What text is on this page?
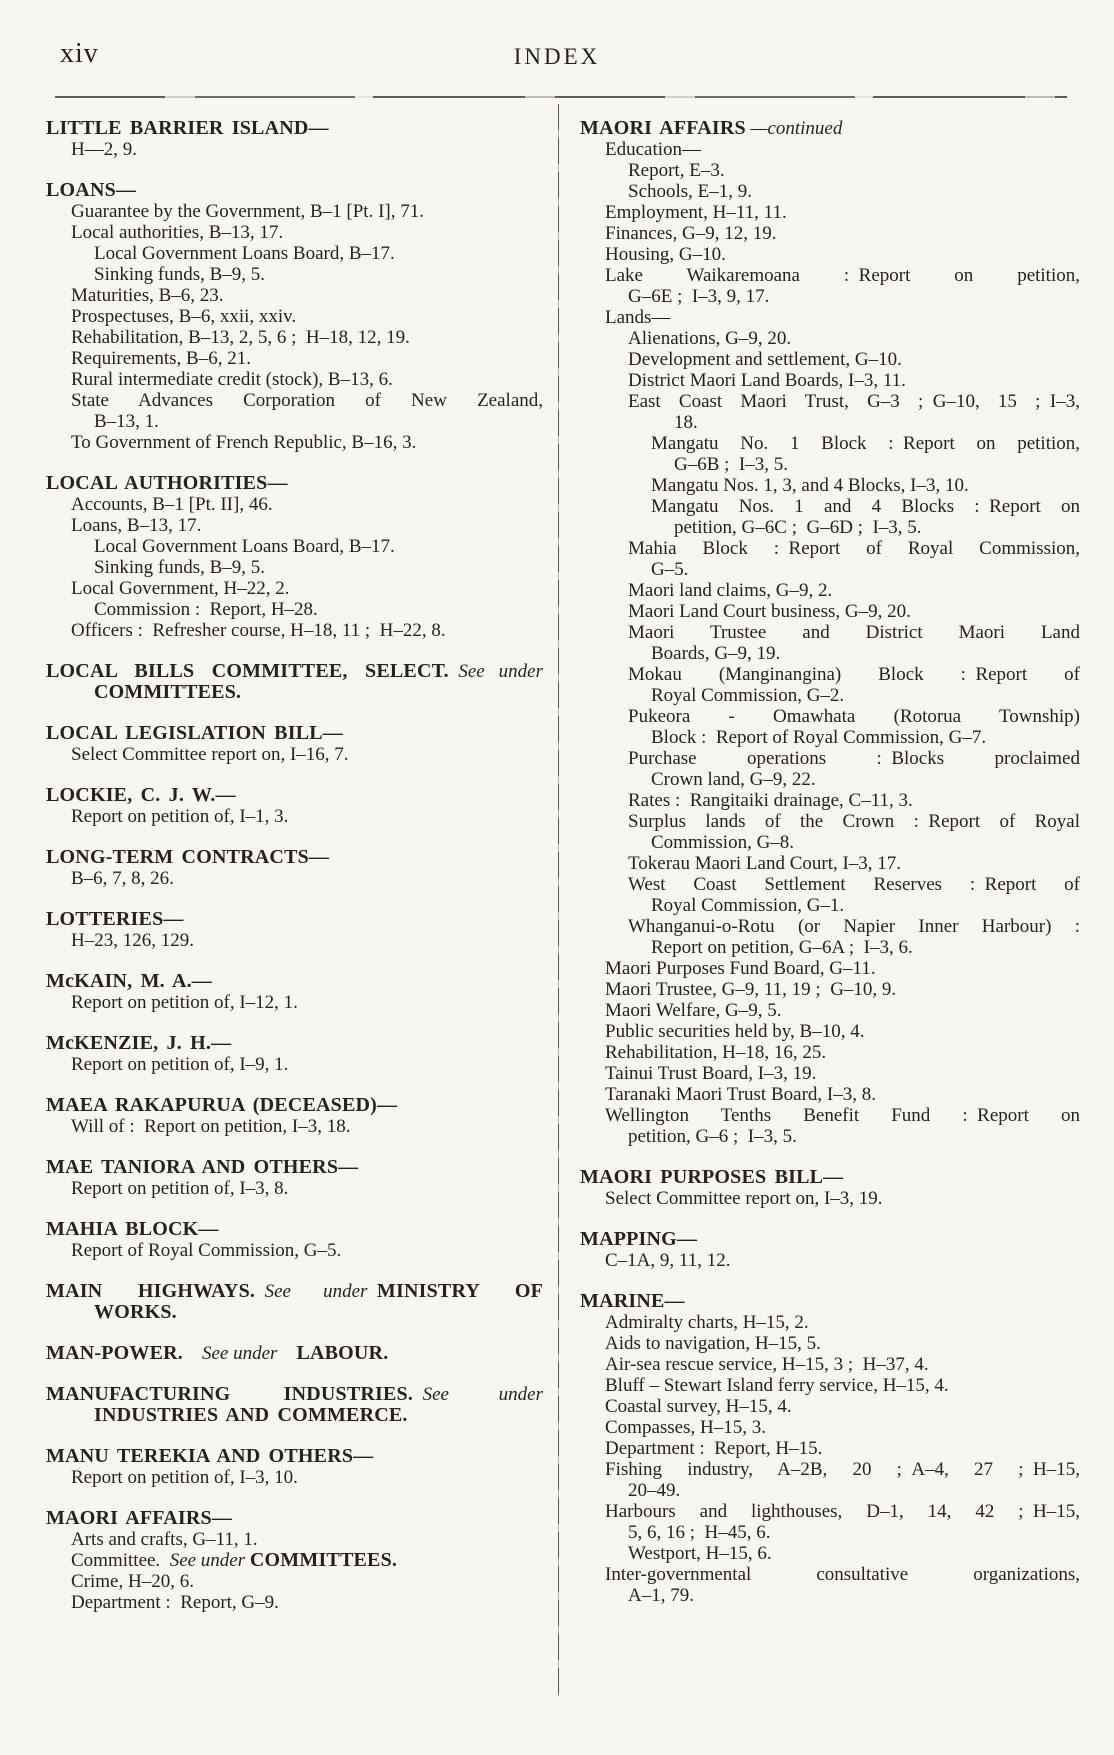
xiv	INDEX
LITTLE BARRIER ISLAND—
H—2, 9.
LOANS—
Guarantee by the Government, B–1 [Pt. I], 71.
Local authorities, B–13, 17.
Local Government Loans Board, B–17.
Sinking funds, B–9, 5.
Maturities, B–6, 23.
Prospectuses, B–6, xxii, xxiv.
Rehabilitation, B–13, 2, 5, 6 ; H–18, 12, 19.
Requirements, B–6, 21.
Rural intermediate credit (stock), B–13, 6.
State Advances Corporation of New Zealand,
B–13, 1.
To Government of French Republic, B–16, 3.
LOCAL AUTHORITIES—
Accounts, B–1 [Pt. II], 46.
Loans, B–13, 17.
Local Government Loans Board, B–17.
Sinking funds, B–9, 5.
Local Government, H–22, 2.
Commission : Report, H–28.
Officers : Refresher course, H–18, 11 ; H–22, 8.
LOCAL BILLS COMMITTEE, SELECT.  See under
COMMITTEES.
LOCAL LEGISLATION BILL—
Select Committee report on, I–16, 7.
LOCKIE, C. J. W.—
Report on petition of, I–1, 3.
LONG-TERM CONTRACTS—
B–6, 7, 8, 26.
LOTTERIES—
H–23, 126, 129.
McKAIN, M. A.—
Report on petition of, I–12, 1.
McKENZIE, J. H.—
Report on petition of, I–9, 1.
MAEA RAKAPURUA (DECEASED)—
Will of : Report on petition, I–3, 18.
MAE TANIORA AND OTHERS—
Report on petition of, I–3, 8.
MAHIA BLOCK—
Report of Royal Commission, G–5.
MAIN HIGHWAYS.  See under  MINISTRY OF
WORKS.
MAN-POWER.   See under   LABOUR.
MANUFACTURING INDUSTRIES.  See under
INDUSTRIES AND COMMERCE.
MANU TEREKIA AND OTHERS—
Report on petition of, I–3, 10.
MAORI AFFAIRS—
Arts and crafts, G–11, 1.
Committee. See under COMMITTEES.
Crime, H–20, 6.
Department : Report, G–9.
MAORI AFFAIRS —continued
Education—
Report, E–3.
Schools, E–1, 9.
Employment, H–11, 11.
Finances, G–9, 12, 19.
Housing, G–10.
Lake Waikaremoana : Report on petition,
G–6E ; I–3, 9, 17.
Lands—
Alienations, G–9, 20.
Development and settlement, G–10.
District Maori Land Boards, I–3, 11.
East Coast Maori Trust, G–3 ; G–10, 15 ; I–3,
18.
Mangatu No. 1 Block : Report on petition,
G–6B ; I–3, 5.
Mangatu Nos. 1, 3, and 4 Blocks, I–3, 10.
Mangatu Nos. 1 and 4 Blocks : Report on
petition, G–6C ; G–6D ; I–3, 5.
Mahia Block : Report of Royal Commission,
G–5.
Maori land claims, G–9, 2.
Maori Land Court business, G–9, 20.
Maori Trustee and District Maori Land
Boards, G–9, 19.
Mokau (Manginangina) Block : Report of
Royal Commission, G–2.
Pukeora - Omawhata (Rotorua Township)
Block : Report of Royal Commission, G–7.
Purchase operations : Blocks proclaimed
Crown land, G–9, 22.
Rates : Rangitaiki drainage, C–11, 3.
Surplus lands of the Crown : Report of Royal
Commission, G–8.
Tokerau Maori Land Court, I–3, 17.
West Coast Settlement Reserves : Report of
Royal Commission, G–1.
Whanganui-o-Rotu (or Napier Inner Harbour) :
Report on petition, G–6A ; I–3, 6.
Maori Purposes Fund Board, G–11.
Maori Trustee, G–9, 11, 19 ; G–10, 9.
Maori Welfare, G–9, 5.
Public securities held by, B–10, 4.
Rehabilitation, H–18, 16, 25.
Tainui Trust Board, I–3, 19.
Taranaki Maori Trust Board, I–3, 8.
Wellington Tenths Benefit Fund : Report on
petition, G–6 ; I–3, 5.
MAORI PURPOSES BILL—
Select Committee report on, I–3, 19.
MAPPING—
C–1A, 9, 11, 12.
MARINE—
Admiralty charts, H–15, 2.
Aids to navigation, H–15, 5.
Air-sea rescue service, H–15, 3 ; H–37, 4.
Bluff – Stewart Island ferry service, H–15, 4.
Coastal survey, H–15, 4.
Compasses, H–15, 3.
Department : Report, H–15.
Fishing industry, A–2B, 20 ; A–4, 27 ; H–15,
20–49.
Harbours and lighthouses, D–1, 14, 42 ; H–15,
5, 6, 16 ; H–45, 6.
Westport, H–15, 6.
Inter-governmental consultative organizations,
A–1, 79.
